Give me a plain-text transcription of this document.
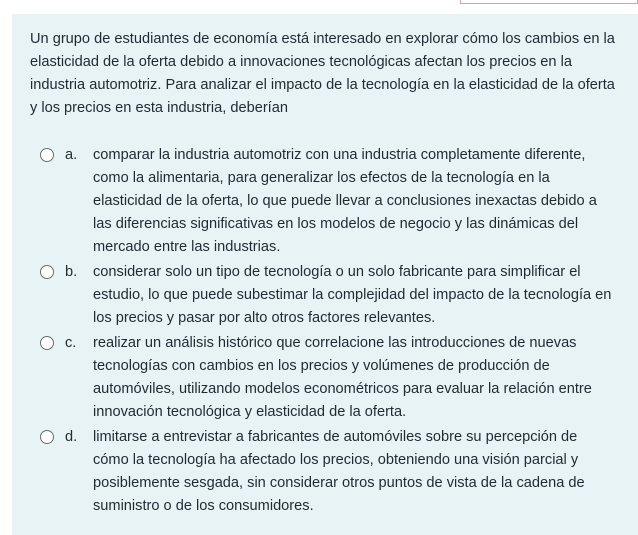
Un grupo de estudiantes de economía está interesado en explorar cómo los cambios en la elasticidad de la oferta debido a innovaciones tecnológicas afectan los precios en la industria automotriz. Para analizar el impacto de la tecnología en la elasticidad de la oferta y los precios en esta industria, deberían

a.	comparar la industria automotriz con una industria completamente diferente, como la alimentaria, para generalizar los efectos de la tecnología en la elasticidad de la oferta, lo que puede llevar a conclusiones inexactas debido a las diferencias significativas en los modelos de negocio y las dinámicas del mercado entre las industrias.
b.	considerar solo un tipo de tecnología o un solo fabricante para simplificar el estudio, lo que puede subestimar la complejidad del impacto de la tecnología en los precios y pasar por alto otros factores relevantes.
c.	realizar un análisis histórico que correlacione las introducciones de nuevas tecnologías con cambios en los precios y volúmenes de producción de automóviles, utilizando modelos econométricos para evaluar la relación entre innovación tecnológica y elasticidad de la oferta.
d.	limitarse a entrevistar a fabricantes de automóviles sobre su percepción de cómo la tecnología ha afectado los precios, obteniendo una visión parcial y posiblemente sesgada, sin considerar otros puntos de vista de la cadena de suministro o de los consumidores.
